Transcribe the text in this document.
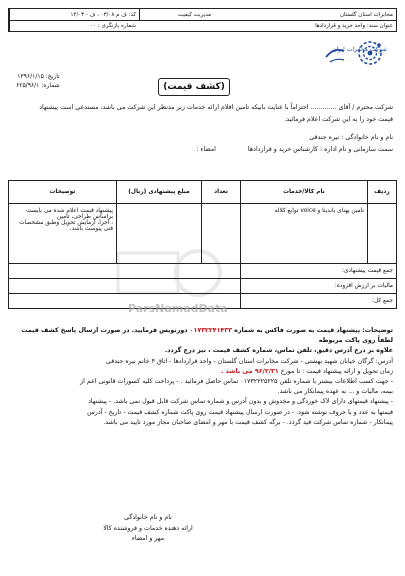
مخابرات استان گلستان
مدیریت کیفیت
کد: ف م ۰۳/۰۸ ، ف - ۱۴/۰۳
عنوان سند: واحد خرید و قراردادها
شماره بازنگری : ۰۰
شرکت مخابرات ایران
تاریخ: ۱۳۹۶/۱/۱۵
شماره: ۶۲۵/۹۶/۱	(کشف قیمت)
شرکت محترم / آقای ............. احتراماً با عنایت بابیکه تامین اقلام ارائه خدمات زیر مدنظر این شرکت می باشد، مستدعی است پیشنهاد
قیمت خود را به این شرکت اعلام فرمائید.
نام و نام خانوادگی : نیره جندقی
سمت سازمانی و نام اداره : کارشناس خرید و قراردادها  امضاء :
ردیف	نام کالا/خدمات	تعداد	مبلغ پیشنهادی (ریال)	توضیحات
	تامین پهنای باندیتا و voice توابع کلاله			پیشنهاد قیمت اعلام شده می بایست براساس طراحی، تامین
، اجرا، آزمایش تحویل وطبق مشخصات فنی پیوست باشد.

جمع قیمت پیشنهادی:				
مالیات بر ارزش افزوده:				
جمع کل:				
ParsNamadData

توضیحات: پیشنهاد قیمت به صورت فاکس به شماره ۰۱۷۳۲۲۴۱۴۳۳ دورنویس فرمایید. در صورت ارسال پاسخ کشف قیمت لطفاً روی پاکت مربوطه

علاوه بر درج آدرس دقیق، تلفن تماس، شماره کشف قیمت ، نیز درج گردد.

آدرس: گرگان خیابان شهید بهشتی - شرکت مخابرات استان گلستان - واحد قراردادها - اتاق ۴ خانم نیره جندقی

زمان تحویل و ارائه پیشنهاد قیمت : تا مورخ ۹۶/۲/۳۱ می باشد .

- جهت کسب اطلاعات بیشتر با شماره تلفن ۰۱۷۳۲۲۲۵۲۲۵ تماس حاصل فرمائید . - پرداخت کلیه کسورات قانونی اعم از

بیمه، مالیات و ... به عهده پیمانکار می باشد.

- پیشنهاد قیمتهای دارای لاک خوردگی و مخدوش و بدون آدرس و شماره تماس شرکت قابل قبول نمی باشد. - پیشنهاد

قیمتها به عدد و با حروف نوشته شود. - در صورت ارسال پیشنهاد قیمت روی پاکت شماره کشف قیمت - تاریخ - آدرس

پیمانکار - شماره تماس شرکت قید گردد. - برگه کشف قیمت با مهر و امضای صاحبان مجاز مورد تایید می باشد.

نام و نام خانوادگی
ارائه دهنده خدمات و فروشنده کالا
مهر و امضاء
